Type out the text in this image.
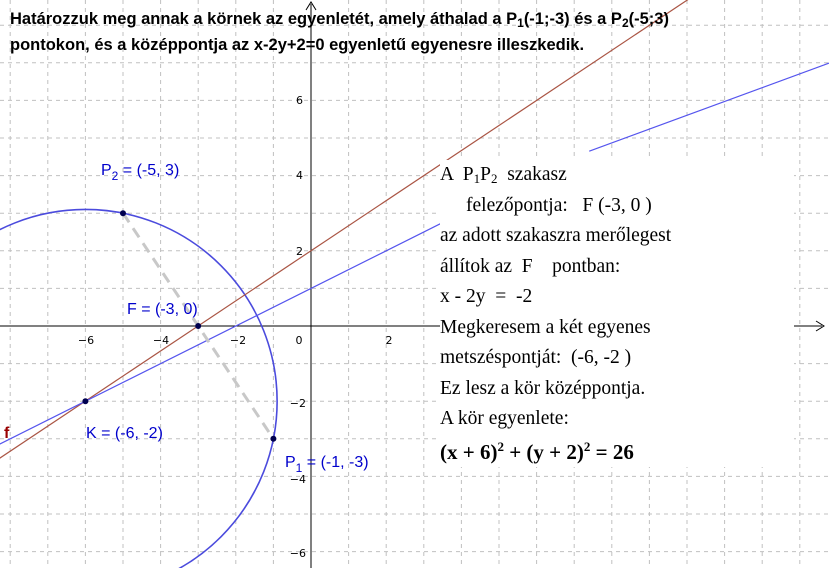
−6	−4	−2	0	2
6
4
2
−2
−4
−6
$P_2 = (-5$, 3)
F = (-3, 0)
K = (-6, -2)
$P_1 = (-1$, -3)
f
Határozzuk meg annak a körnek az egyenletét, amely áthalad a $P_1(-1;-3)$ és a $P_2(-5;3)$
pontokon, és a középpontja az x-2y+2=0 egyenletű egyenesre illeszkedik.
A  $P_1P_2$  szakasz
felezőpontja:   F (-3, 0 )
az adott szakaszra merőlegest
állítok az  F    pontban:
x - 2y  =  -2
Megkeresem a két egyenes
metszéspontját:  (-6, -2 )
Ez lesz a kör középpontja.
A kör egyenlete:
$(x + 6)^2 + (y + 2)^2 = 26$
